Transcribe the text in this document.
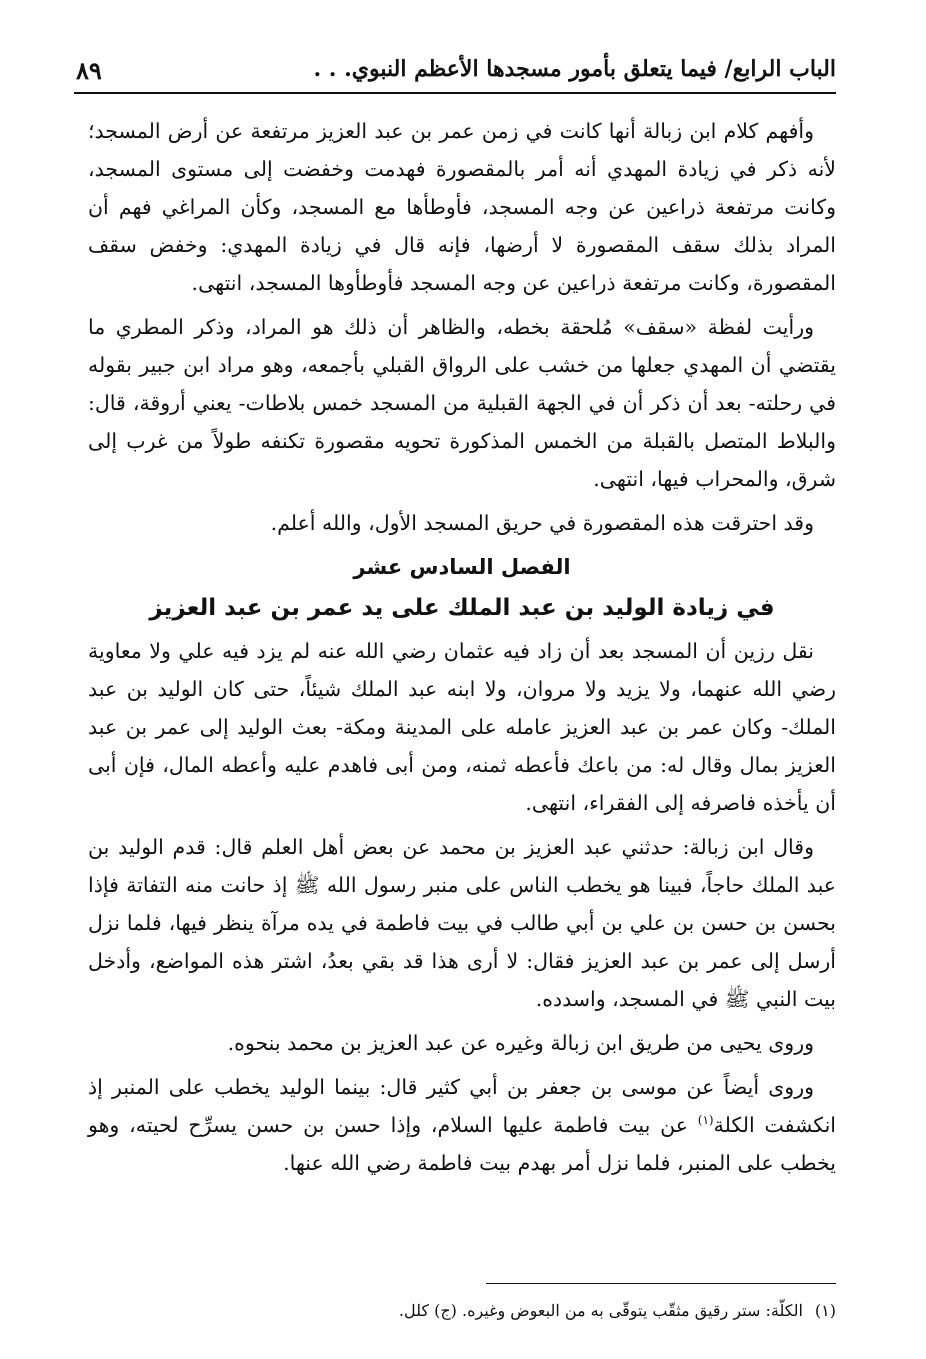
الباب الرابع/ فيما يتعلق بأمور مسجدها الأعظم النبوي. . .
٨٩

وأفهم كلام ابن زبالة أنها كانت في زمن عمر بن عبد العزيز مرتفعة عن أرض المسجد؛ لأنه ذكر في زيادة المهدي أنه أمر بالمقصورة فهدمت وخفضت إلى مستوى المسجد، وكانت مرتفعة ذراعين عن وجه المسجد، فأوطأها مع المسجد، وكأن المراغي فهم أن المراد بذلك سقف المقصورة لا أرضها، فإنه قال في زيادة المهدي: وخفض سقف المقصورة، وكانت مرتفعة ذراعين عن وجه المسجد فأوطأوها المسجد، انتهى.

ورأيت لفظة «سقف» مُلحقة بخطه، والظاهر أن ذلك هو المراد، وذكر المطري ما يقتضي أن المهدي جعلها من خشب على الرواق القبلي بأجمعه، وهو مراد ابن جبير بقوله في رحلته- بعد أن ذكر أن في الجهة القبلية من المسجد خمس بلاطات- يعني أروقة، قال: والبلاط المتصل بالقبلة من الخمس المذكورة تحويه مقصورة تكنفه طولاً من غرب إلى شرق، والمحراب فيها، انتهى.

وقد احترقت هذه المقصورة في حريق المسجد الأول، والله أعلم.

الفصل السادس عشر
في زيادة الوليد بن عبد الملك على يد عمر بن عبد العزيز

نقل رزين أن المسجد بعد أن زاد فيه عثمان رضي الله عنه لم يزد فيه علي ولا معاوية رضي الله عنهما، ولا يزيد ولا مروان، ولا ابنه عبد الملك شيئاً، حتى كان الوليد بن عبد الملك- وكان عمر بن عبد العزيز عامله على المدينة ومكة- بعث الوليد إلى عمر بن عبد العزيز بمال وقال له: من باعك فأعطه ثمنه، ومن أبى فاهدم عليه وأعطه المال، فإن أبى أن يأخذه فاصرفه إلى الفقراء، انتهى.

وقال ابن زبالة: حدثني عبد العزيز بن محمد عن بعض أهل العلم قال: قدم الوليد بن عبد الملك حاجاً، فبينا هو يخطب الناس على منبر رسول الله ﷺ إذ حانت منه التفاتة فإذا بحسن بن حسن بن علي بن أبي طالب في بيت فاطمة في يده مرآة ينظر فيها، فلما نزل أرسل إلى عمر بن عبد العزيز فقال: لا أرى هذا قد بقي بعدُ، اشتر هذه المواضع، وأدخل بيت النبي ﷺ في المسجد، واسدده.

وروى يحيى من طريق ابن زبالة وغيره عن عبد العزيز بن محمد بنحوه.

وروى أيضاً عن موسى بن جعفر بن أبي كثير قال: بينما الوليد يخطب على المنبر إذ انكشفت الكلة$^{(١)}$ عن بيت فاطمة عليها السلام، وإذا حسن بن حسن يسرِّح لحيته، وهو يخطب على المنبر، فلما نزل أمر بهدم بيت فاطمة رضي الله عنها.

(١)الكلّة: ستر رقيق مثقّب يتوقّى به من البعوض وغيره. (ج) كلل.
